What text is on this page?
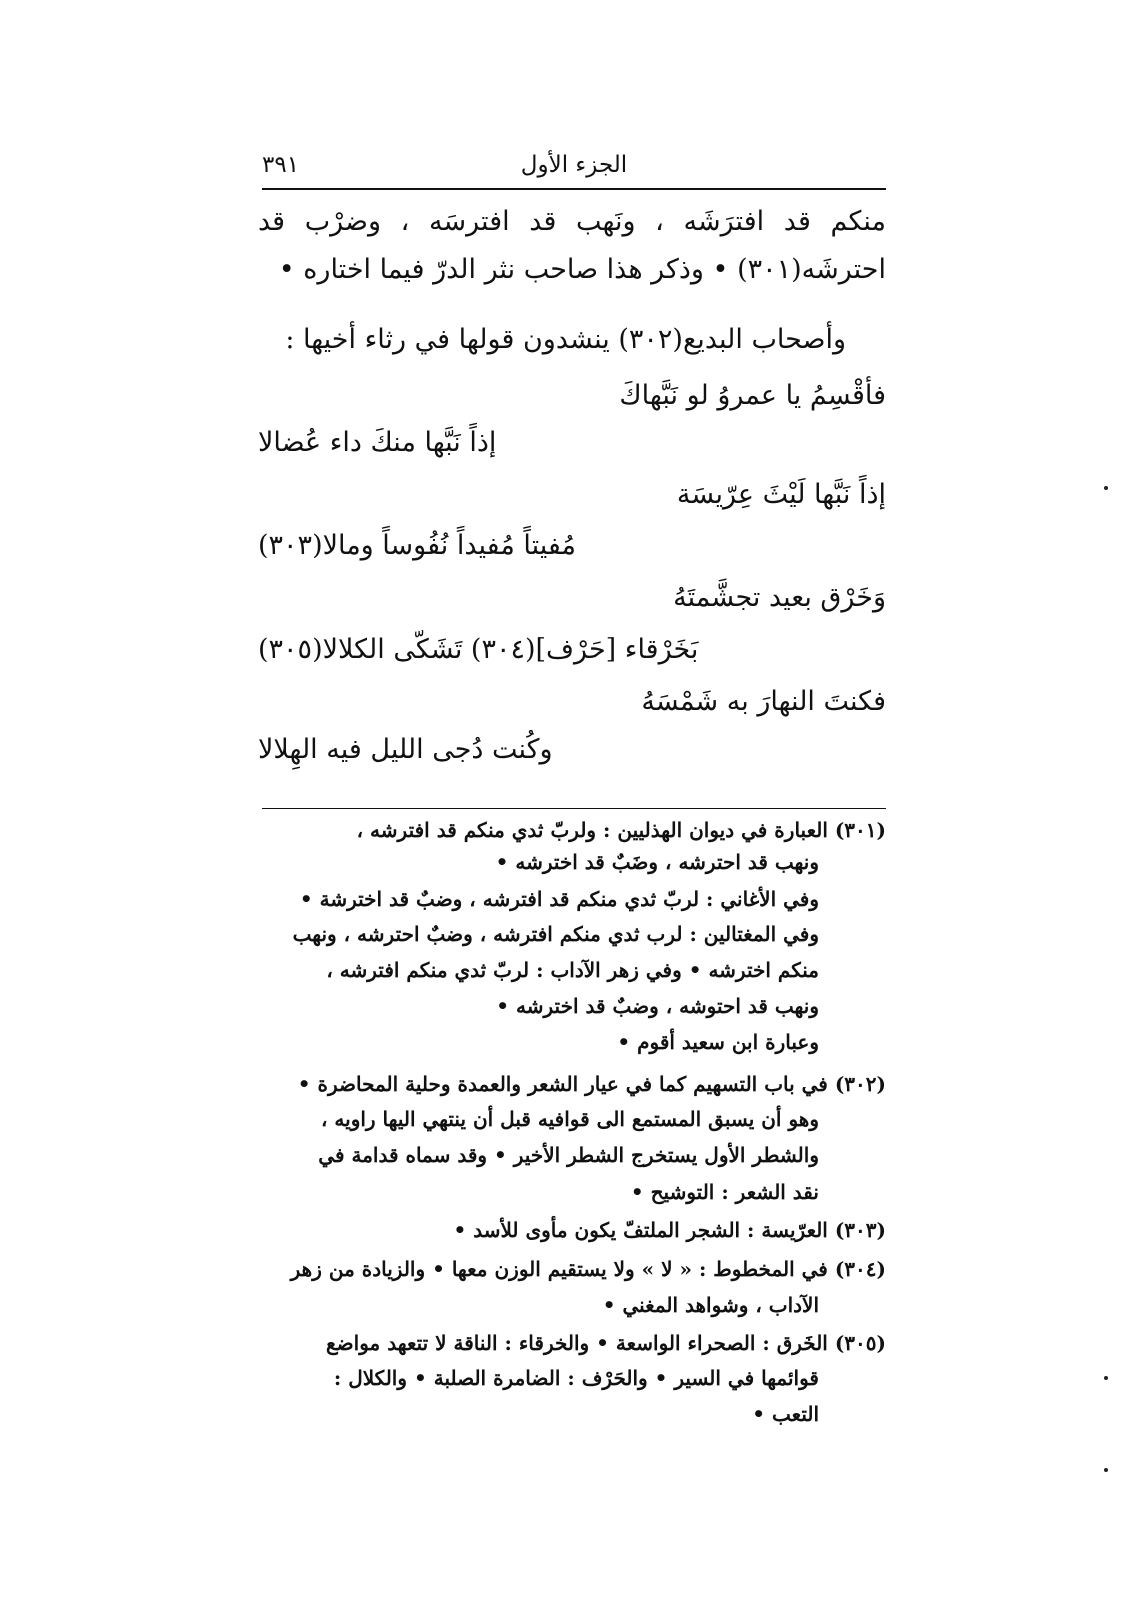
٣٩١	الجزء الأول
منكم قد افترَشَه ، ونَهب قد افترسَه ، وضرْب قد
احترشَه(٣٠١) • وذكر هذا صاحب نثر الدرّ فيما اختاره •
وأصحاب البديع(٣٠٢) ينشدون قولها في رثاء أخيها :
فأقْسِمُ يا عمروُ لو نَبَّهاكَ
إذاً نَبَّها منكَ داء عُضالا
إذاً نَبَّها لَيْثَ عِرّيسَة
مُفيتاً مُفيداً نُفُوساً ومالا(٣٠٣)
وَخَرْق بعيد تجشَّمتَهُ
بَخَرْقاء [حَرْف](٣٠٤) تَشَكّى الكلالا(٣٠٥)
فكنتَ النهارَ به شَمْسَهُ
وكُنت دُجى الليل فيه الهِلالا
(٣٠١) العبارة في ديوان الهذليين : ولربّ ثدي منكم قد افترشه ،
ونهب قد احترشه ، وضَبٌ قد اخترشه •
وفي الأغاني : لربّ ثدي منكم قد افترشه ، وضبٌ قد اخترشة •
وفي المغتالين : لرب ثدي منكم افترشه ، وضبٌ احترشه ، ونهب
منكم اخترشه • وفي زهر الآداب : لربّ ثدي منكم افترشه ،
ونهب قد احتوشه ، وضبٌ قد اخترشه •
وعبارة ابن سعيد أقوم •
(٣٠٢) في باب التسهيم كما في عيار الشعر والعمدة وحلية المحاضرة •
وهو أن يسبق المستمع الى قوافيه قبل أن ينتهي اليها راويه ،
والشطر الأول يستخرج الشطر الأخير • وقد سماه قدامة في
نقد الشعر : التوشيح •
(٣٠٣) العرّيسة : الشجر الملتفّ يكون مأوى للأسد •
(٣٠٤) في المخطوط : « لا » ولا يستقيم الوزن معها • والزيادة من زهر
الآداب ، وشواهد المغني •
(٣٠٥) الخَرق : الصحراء الواسعة • والخرقاء : الناقة لا تتعهد مواضع
قوائمها في السير • والحَرْف : الضامرة الصلبة • والكلال :
التعب •
